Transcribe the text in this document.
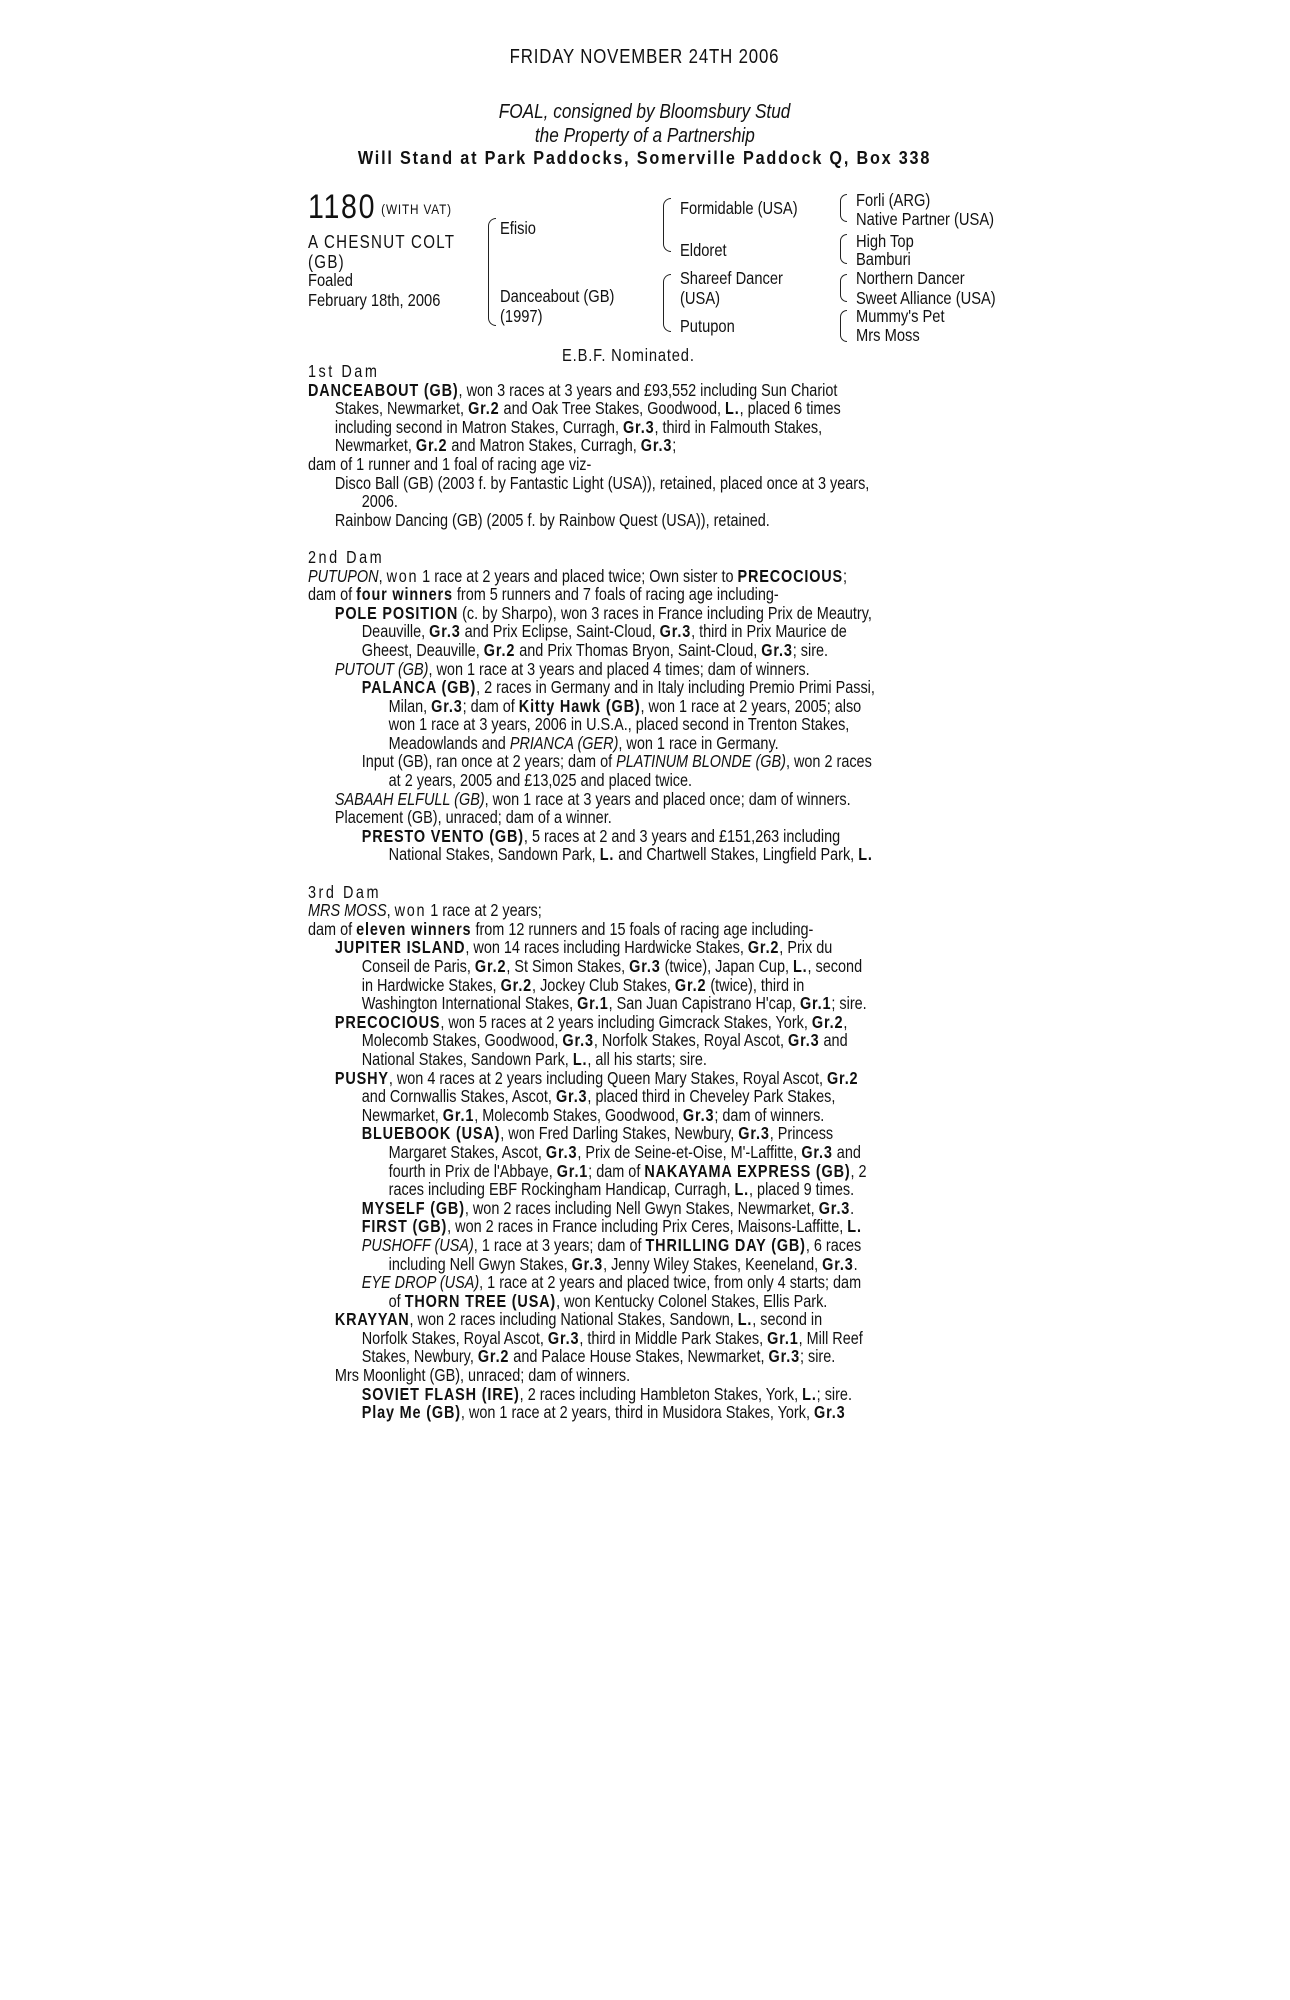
FRIDAY NOVEMBER 24TH 2006
FOAL, consigned by Bloomsbury Stud
the Property of a Partnership
Will Stand at Park Paddocks, Somerville Paddock Q, Box 338
1180 (WITH VAT)
A CHESNUT COLT
(GB)
Foaled
February 18th, 2006
Efisio
Danceabout (GB)
(1997)
Formidable (USA)
Eldoret
Shareef Dancer
(USA)
Putupon
Forli (ARG)
Native Partner (USA)
High Top
Bamburi
Northern Dancer
Sweet Alliance (USA)
Mummy's Pet
Mrs Moss
E.B.F. Nominated.
1st Dam
DANCEABOUT (GB), won 3 races at 3 years and £93,552 including Sun Chariot
Stakes, Newmarket, Gr.2 and Oak Tree Stakes, Goodwood, L., placed 6 times
including second in Matron Stakes, Curragh, Gr.3, third in Falmouth Stakes,
Newmarket, Gr.2 and Matron Stakes, Curragh, Gr.3;
dam of 1 runner and 1 foal of racing age viz-
Disco Ball (GB) (2003 f. by Fantastic Light (USA)), retained, placed once at 3 years,
2006.
Rainbow Dancing (GB) (2005 f. by Rainbow Quest (USA)), retained.
2nd Dam
PUTUPON, won 1 race at 2 years and placed twice; Own sister to PRECOCIOUS;
dam of four winners from 5 runners and 7 foals of racing age including-
POLE POSITION (c. by Sharpo), won 3 races in France including Prix de Meautry,
Deauville, Gr.3 and Prix Eclipse, Saint-Cloud, Gr.3, third in Prix Maurice de
Gheest, Deauville, Gr.2 and Prix Thomas Bryon, Saint-Cloud, Gr.3; sire.
PUTOUT (GB), won 1 race at 3 years and placed 4 times; dam of winners.
PALANCA (GB), 2 races in Germany and in Italy including Premio Primi Passi,
Milan, Gr.3; dam of Kitty Hawk (GB), won 1 race at 2 years, 2005; also
won 1 race at 3 years, 2006 in U.S.A., placed second in Trenton Stakes,
Meadowlands and PRIANCA (GER), won 1 race in Germany.
Input (GB), ran once at 2 years; dam of PLATINUM BLONDE (GB), won 2 races
at 2 years, 2005 and £13,025 and placed twice.
SABAAH ELFULL (GB), won 1 race at 3 years and placed once; dam of winners.
Placement (GB), unraced; dam of a winner.
PRESTO VENTO (GB), 5 races at 2 and 3 years and £151,263 including
National Stakes, Sandown Park, L. and Chartwell Stakes, Lingfield Park, L.
3rd Dam
MRS MOSS, won 1 race at 2 years;
dam of eleven winners from 12 runners and 15 foals of racing age including-
JUPITER ISLAND, won 14 races including Hardwicke Stakes, Gr.2, Prix du
Conseil de Paris, Gr.2, St Simon Stakes, Gr.3 (twice), Japan Cup, L., second
in Hardwicke Stakes, Gr.2, Jockey Club Stakes, Gr.2 (twice), third in
Washington International Stakes, Gr.1, San Juan Capistrano H'cap, Gr.1; sire.
PRECOCIOUS, won 5 races at 2 years including Gimcrack Stakes, York, Gr.2,
Molecomb Stakes, Goodwood, Gr.3, Norfolk Stakes, Royal Ascot, Gr.3 and
National Stakes, Sandown Park, L., all his starts; sire.
PUSHY, won 4 races at 2 years including Queen Mary Stakes, Royal Ascot, Gr.2
and Cornwallis Stakes, Ascot, Gr.3, placed third in Cheveley Park Stakes,
Newmarket, Gr.1, Molecomb Stakes, Goodwood, Gr.3; dam of winners.
BLUEBOOK (USA), won Fred Darling Stakes, Newbury, Gr.3, Princess
Margaret Stakes, Ascot, Gr.3, Prix de Seine-et-Oise, M'-Laffitte, Gr.3 and
fourth in Prix de l'Abbaye, Gr.1; dam of NAKAYAMA EXPRESS (GB), 2
races including EBF Rockingham Handicap, Curragh, L., placed 9 times.
MYSELF (GB), won 2 races including Nell Gwyn Stakes, Newmarket, Gr.3.
FIRST (GB), won 2 races in France including Prix Ceres, Maisons-Laffitte, L.
PUSHOFF (USA), 1 race at 3 years; dam of THRILLING DAY (GB), 6 races
including Nell Gwyn Stakes, Gr.3, Jenny Wiley Stakes, Keeneland, Gr.3.
EYE DROP (USA), 1 race at 2 years and placed twice, from only 4 starts; dam
of THORN TREE (USA), won Kentucky Colonel Stakes, Ellis Park.
KRAYYAN, won 2 races including National Stakes, Sandown, L., second in
Norfolk Stakes, Royal Ascot, Gr.3, third in Middle Park Stakes, Gr.1, Mill Reef
Stakes, Newbury, Gr.2 and Palace House Stakes, Newmarket, Gr.3; sire.
Mrs Moonlight (GB), unraced; dam of winners.
SOVIET FLASH (IRE), 2 races including Hambleton Stakes, York, L.; sire.
Play Me (GB), won 1 race at 2 years, third in Musidora Stakes, York, Gr.3
